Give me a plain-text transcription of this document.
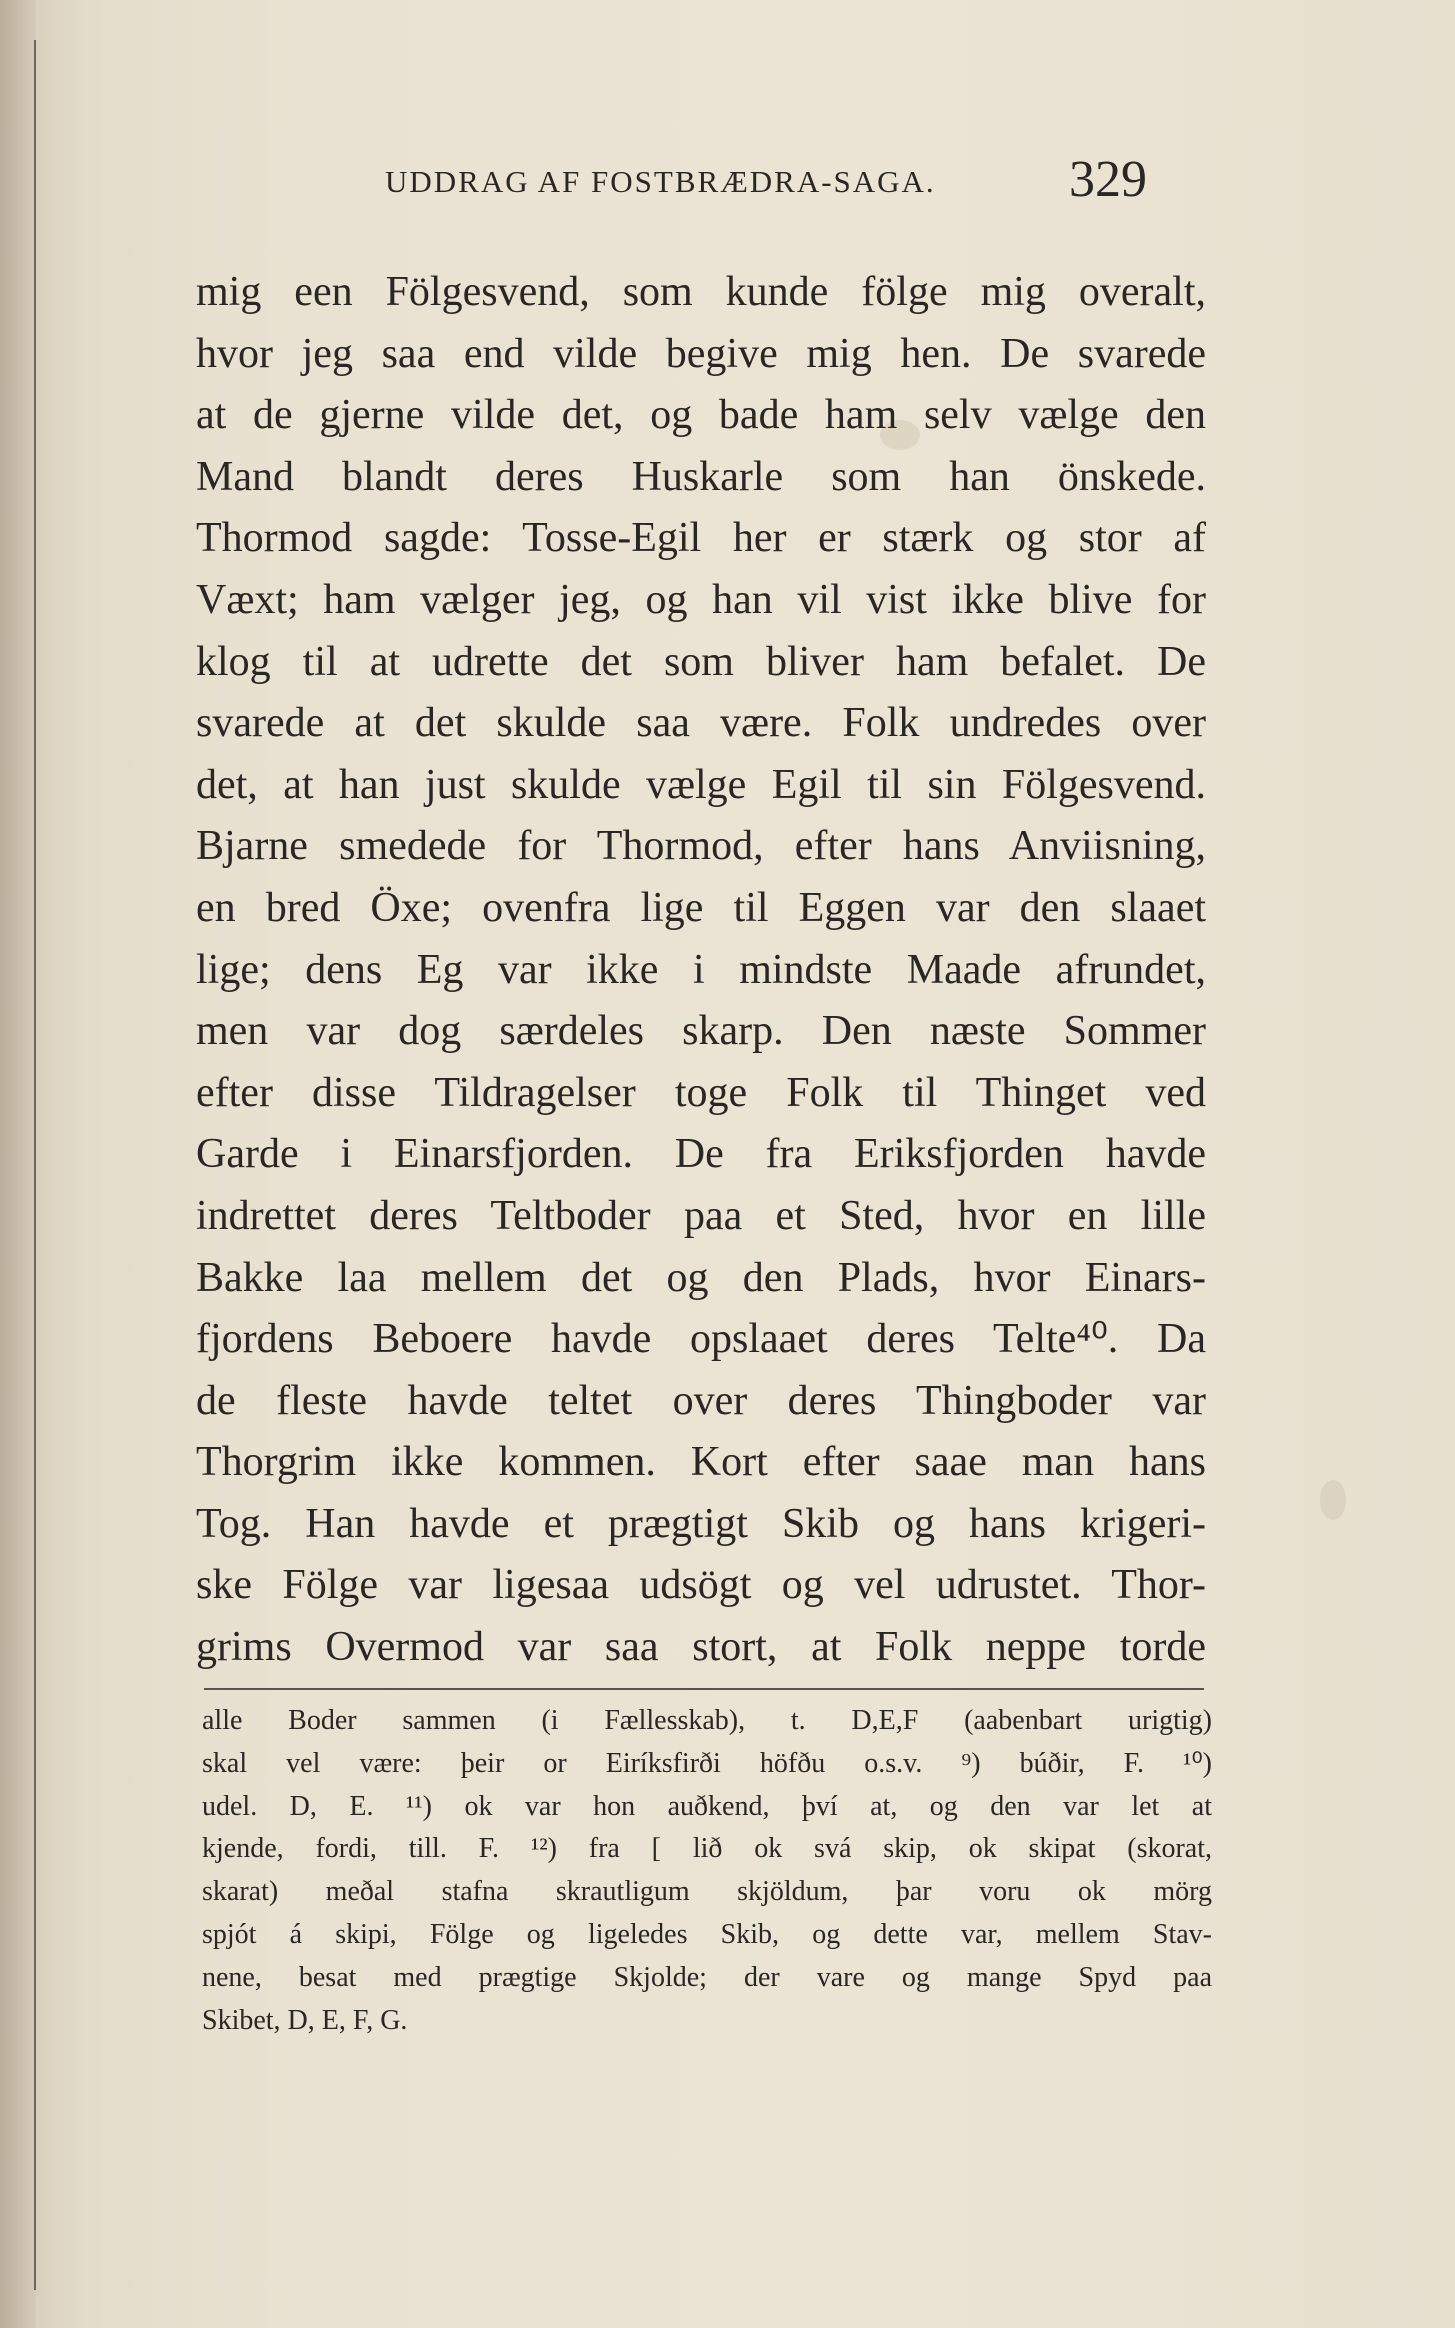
UDDRAG AF FOSTBRÆDRA-SAGA.	329
mig een Fölgesvend, som kunde fölge mig overalt,
hvor jeg saa end vilde begive mig hen. De svarede
at de gjerne vilde det, og bade ham selv vælge den
Mand blandt deres Huskarle som han önskede.
Thormod sagde: Tosse-Egil her er stærk og stor af
Væxt; ham vælger jeg, og han vil vist ikke blive for
klog til at udrette det som bliver ham befalet. De
svarede at det skulde saa være. Folk undredes over
det, at han just skulde vælge Egil til sin Fölgesvend.
Bjarne smedede for Thormod, efter hans Anviisning,
en bred Öxe; ovenfra lige til Eggen var den slaaet
lige; dens Eg var ikke i mindste Maade afrundet,
men var dog særdeles skarp. Den næste Sommer
efter disse Tildragelser toge Folk til Thinget ved
Garde i Einarsfjorden. De fra Eriksfjorden havde
indrettet deres Teltboder paa et Sted, hvor en lille
Bakke laa mellem det og den Plads, hvor Einars-
fjordens Beboere havde opslaaet deres Telte⁴⁰. Da
de fleste havde teltet over deres Thingboder var
Thorgrim ikke kommen. Kort efter saae man hans
Tog. Han havde et prægtigt Skib og hans krigeri-
ske Fölge var ligesaa udsögt og vel udrustet. Thor-
grims Overmod var saa stort, at Folk neppe torde
alle Boder sammen (i Fællesskab), t. D,E,F (aabenbart urigtig)
skal vel være: þeir or Eiríksfirði höfðu o.s.v. ⁹) búðir, F. ¹⁰)
udel. D, E. ¹¹) ok var hon auðkend, því at, og den var let at
kjende, fordi, till. F. ¹²) fra [ lið ok svá skip, ok skipat (skorat,
skarat) meðal stafna skrautligum skjöldum, þar voru ok mörg
spjót á skipi, Fölge og ligeledes Skib, og dette var, mellem Stav-
nene, besat med prægtige Skjolde; der vare og mange Spyd paa
Skibet, D, E, F, G.
